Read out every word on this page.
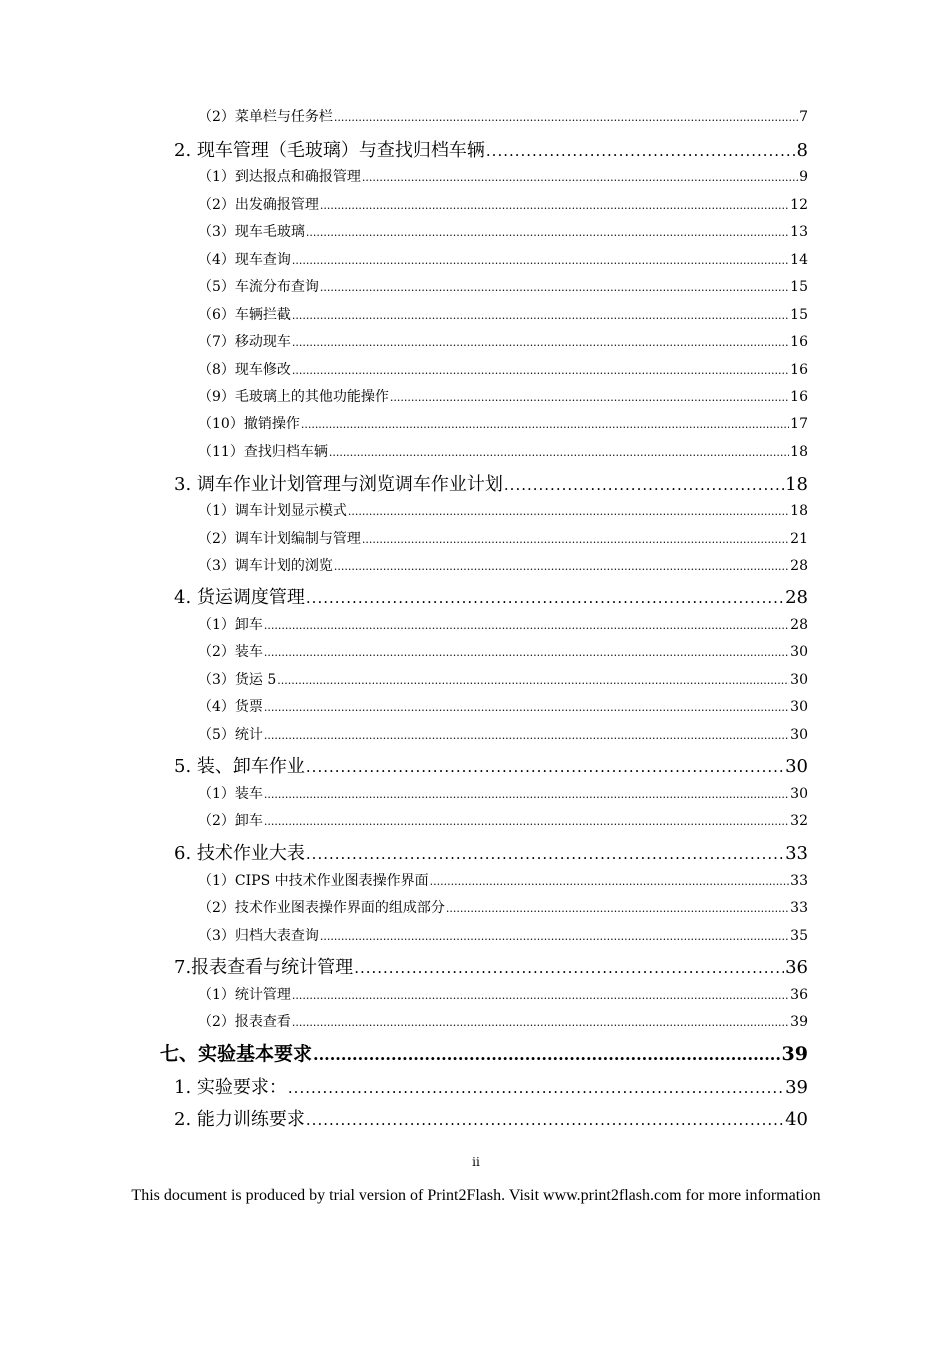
（2）菜单栏与任务栏 .....	7
2. 现车管理（毛玻璃）与查找归档车辆 .....	8
（1）到达报点和确报管理 .....	9
（2）出发确报管理 .....	12
（3）现车毛玻璃 .....	13
（4）现车查询 .....	14
（5）车流分布查询 .....	15
（6）车辆拦截 .....	15
（7）移动现车 .....	16
（8）现车修改 .....	16
（9）毛玻璃上的其他功能操作 .....	16
（10）撤销操作 .....	17
（11）查找归档车辆 .....	18
3. 调车作业计划管理与浏览调车作业计划 .....	18
（1）调车计划显示模式 .....	18
（2）调车计划编制与管理 .....	21
（3）调车计划的浏览 .....	28
4. 货运调度管理 .....	28
（1）卸车 .....	28
（2）装车 .....	30
（3）货运 5 .....	30
（4）货票 .....	30
（5）统计 .....	30
5. 装、卸车作业 .....	30
（1）装车 .....	30
（2）卸车 .....	32
6. 技术作业大表 .....	33
（1）CIPS 中技术作业图表操作界面 .....	33
（2）技术作业图表操作界面的组成部分 .....	33
（3）归档大表查询 .....	35
7.报表查看与统计管理 .....	36
（1）统计管理 .....	36
（2）报表查看 .....	39
七、实验基本要求 .....	39
1. 实验要求： .....	39
2. 能力训练要求 .....	40
ii
This document is produced by trial version of Print2Flash. Visit www.print2flash.com for more information
